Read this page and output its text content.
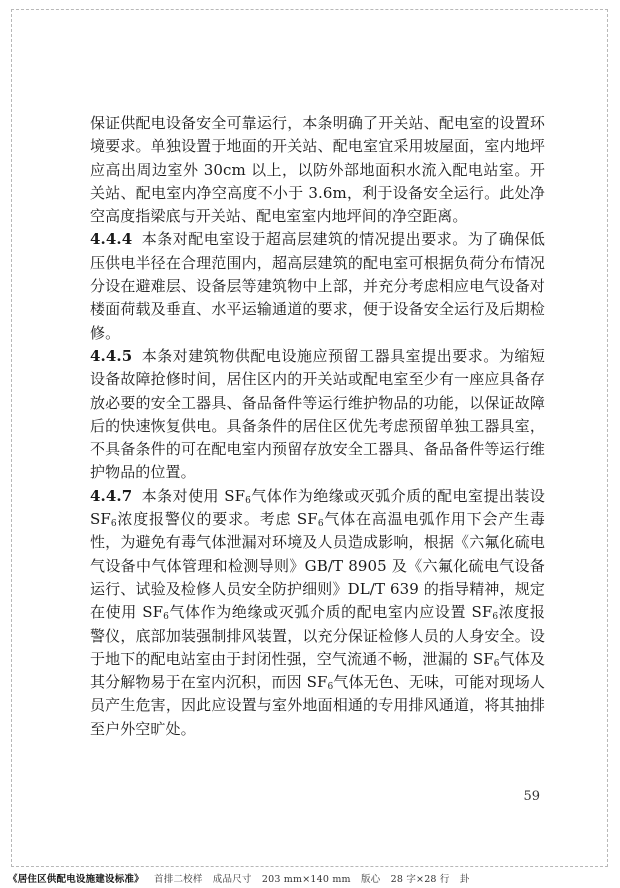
保证供配电设备安全可靠运行，本条明确了开关站、配电室的设置环境要求。单独设置于地面的开关站、配电室宜采用坡屋面，室内地坪应高出周边室外 30cm 以上，以防外部地面积水流入配电站室。开关站、配电室内净空高度不小于 3.6m，利于设备安全运行。此处净空高度指梁底与开关站、配电室室内地坪间的净空距离。

4.4.4 本条对配电室设于超高层建筑的情况提出要求。为了确保低压供电半径在合理范围内，超高层建筑的配电室可根据负荷分布情况分设在避难层、设备层等建筑物中上部，并充分考虑相应电气设备对楼面荷载及垂直、水平运输通道的要求，便于设备安全运行及后期检修。

4.4.5 本条对建筑物供配电设施应预留工器具室提出要求。为缩短设备故障抢修时间，居住区内的开关站或配电室至少有一座应具备存放必要的安全工器具、备品备件等运行维护物品的功能，以保证故障后的快速恢复供电。具备条件的居住区优先考虑预留单独工器具室，不具备条件的可在配电室内预留存放安全工器具、备品备件等运行维护物品的位置。

4.4.7 本条对使用 $SF_6$气体作为绝缘或灭弧介质的配电室提出装设 $SF_6$浓度报警仪的要求。考虑 $SF_6$气体在高温电弧作用下会产生毒性，为避免有毒气体泄漏对环境及人员造成影响，根据《六氟化硫电气设备中气体管理和检测导则》GB/T 8905 及《六氟化硫电气设备运行、试验及检修人员安全防护细则》DL/T 639 的指导精神，规定在使用 $SF_6$气体作为绝缘或灭弧介质的配电室内应设置 $SF_6$浓度报警仪，底部加装强制排风装置，以充分保证检修人员的人身安全。设于地下的配电站室由于封闭性强，空气流通不畅，泄漏的 $SF_6$气体及其分解物易于在室内沉积，而因 $SF_6$气体无色、无味，可能对现场人员产生危害，因此应设置与室外地面相通的专用排风通道，将其抽排至户外空旷处。

59
《居住区供配电设施建设标准》 首排二校样 成品尺寸 203 mm×140 mm 版心 28 字×28 行 卦
